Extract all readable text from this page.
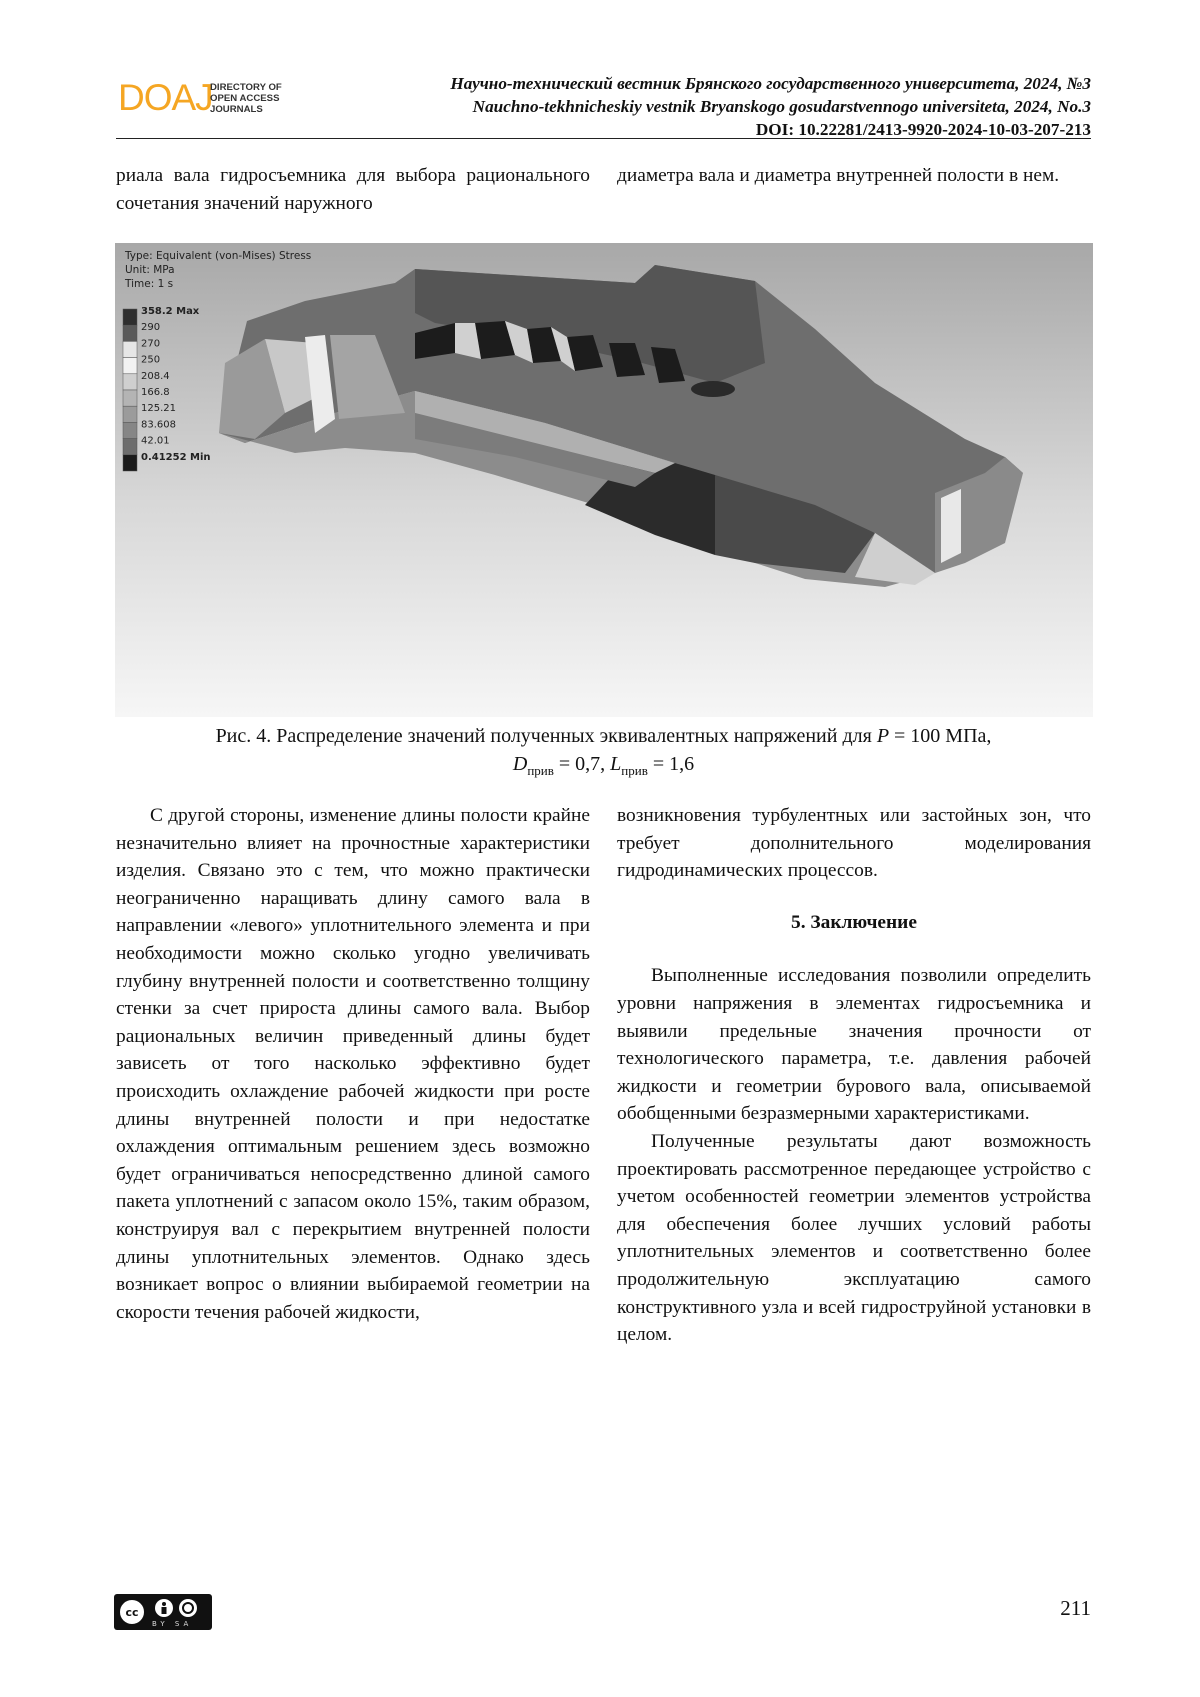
DOAJ
DIRECTORY OF
OPEN ACCESS
JOURNALS
Научно-технический вестник Брянского государственного университета, 2024, №3
Nauchno-tekhnicheskiy vestnik Bryanskogo gosudarstvennogo universiteta, 2024, No.3
DOI: 10.22281/2413-9920-2024-10-03-207-213

риала вала гидросъемника для выбора рационального сочетания значений наружного

диаметра вала и диаметра внутренней полости в нем.

Type: Equivalent (von-Mises) Stress
Unit: MPa
Time: 1 s
358.2 Max
290
270
250
208.4
166.8
125.21
83.608
42.01
0.41252 Min
Рис. 4. Распределение значений полученных эквивалентных напряжений для P = 100 МПа,
$D_{прив} = 0,7$, $L_{прив} = 1,6$

С другой стороны, изменение длины полости крайне незначительно влияет на прочностные характеристики изделия. Связано это с тем, что можно практически неограниченно наращивать длину самого вала в направлении «левого» уплотнительного элемента и при необходимости можно сколько угодно увеличивать глубину внутренней полости и соответственно толщину стенки за счет прироста длины самого вала. Выбор рациональных величин приведенный длины будет зависеть от того насколько эффективно будет происходить охлаждение рабочей жидкости при росте длины внутренней полости и при недостатке охлаждения оптимальным решением здесь возможно будет ограничиваться непосредственно длиной самого пакета уплотнений с запасом около 15%, таким образом, конструируя вал с перекрытием внутренней полости длины уплотнительных элементов. Однако здесь возникает вопрос о влиянии выбираемой геометрии на скорости течения рабочей жидкости,

возникновения турбулентных или застойных зон, что требует дополнительного моделирования гидродинамических процессов.

5. Заключение

Выполненные исследования позволили определить уровни напряжения в элементах гидросъемника и выявили предельные значения прочности от технологического параметра, т.е. давления рабочей жидкости и геометрии бурового вала, описываемой обобщенными безразмерными характеристиками.

Полученные результаты дают возможность проектировать рассмотренное передающее устройство с учетом особенностей геометрии элементов устройства для обеспечения более лучших условий работы уплотнительных элементов и соответственно более продолжительную эксплуатацию самого конструктивного узла и всей гидроструйной установки в целом.

cc
BY SA
211
